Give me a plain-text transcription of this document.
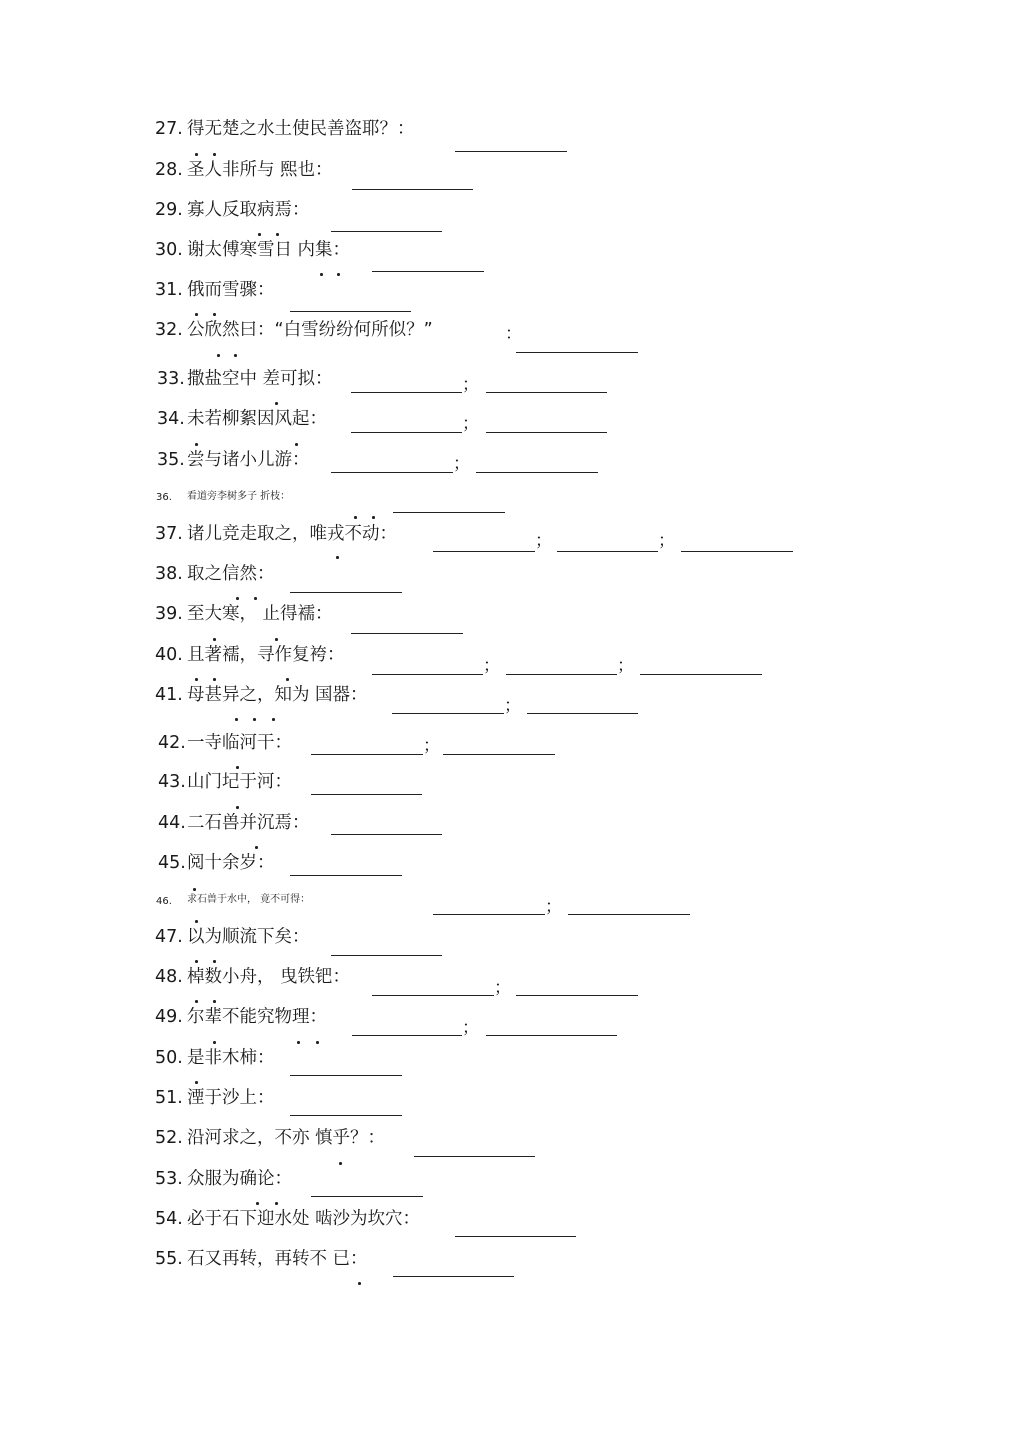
27. 得无楚之水土使民善盗耶？：
28. 圣人非所与 熙也：
29. 寡人反取病焉：
30. 谢太傅寒雪日 内集：
31. 俄而雪骤：
32. 公欣然曰：“白雪纷纷何所似？”	：
33. 撒盐空中 差可拟：	；
34. 未若柳絮因风起：	；
35. 尝与诸小儿游：	；
36. 看道旁李树多子 折枝：
37. 诸儿竞走取之，唯戎不动：	；	；
38. 取之信然：
39. 至大寒， 止得襦：
40. 且著襦，寻作复袴：
；	；
41. 母甚异之，知为 国器：
；
42. 一寺临河干：	；
43. 山门圮于河：
44. 二石兽并沉焉：
45. 阅十余岁：
46. 求石兽于水中， 竟不可得：	；
47. 以为顺流下矣：
48. 棹数小舟， 曳铁钯：
；
49. 尔辈不能究物理：
；
50. 是非木柿：
51. 湮于沙上：
52. 沿河求之，不亦 慎乎？：
53. 众服为确论：
54. 必于石下迎水处 啮沙为坎穴：
55. 石又再转，再转不 已：
